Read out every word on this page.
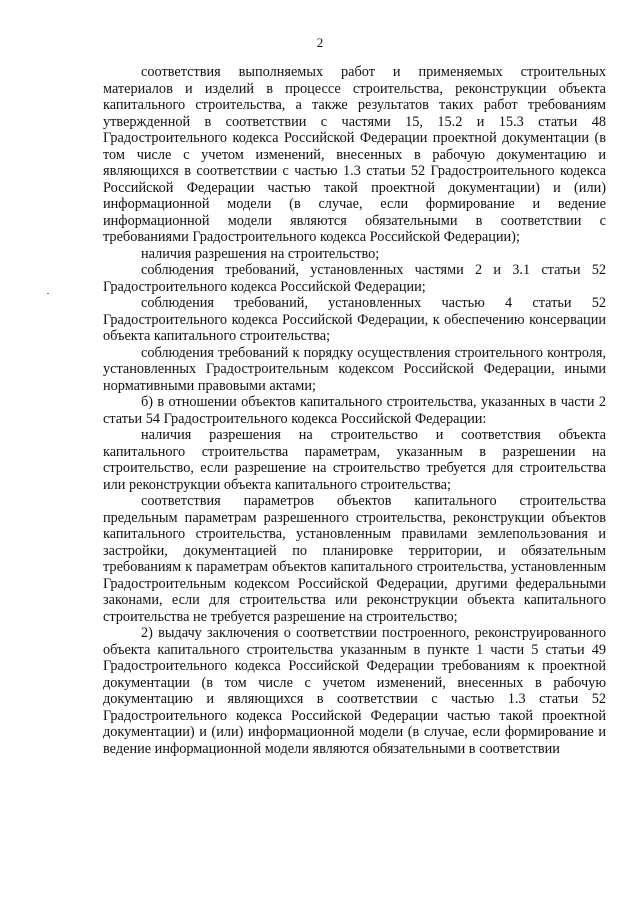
2

соответствия выполняемых работ и применяемых строительных материалов и изделий в процессе строительства, реконструкции объекта капитального строительства, а также результатов таких работ требованиям утвержденной в соответствии с частями 15, 15.2 и 15.3 статьи 48 Градостроительного кодекса Российской Федерации проектной документации (в том числе с учетом изменений, внесенных в рабочую документацию и являющихся в соответствии с частью 1.3 статьи 52 Градостроительного кодекса Российской Федерации частью такой проектной документации) и (или) информационной модели (в случае, если формирование и ведение информационной модели являются обязательными в соответствии с требованиями Градостроительного кодекса Российской Федерации);

наличия разрешения на строительство;

соблюдения требований, установленных частями 2 и 3.1 статьи 52 Градостроительного кодекса Российской Федерации;

соблюдения требований, установленных частью 4 статьи 52 Градостроительного кодекса Российской Федерации, к обеспечению консервации объекта капитального строительства;

соблюдения требований к порядку осуществления строительного контроля, установленных Градостроительным кодексом Российской Федерации, иными нормативными правовыми актами;

б) в отношении объектов капитального строительства, указанных в части 2 статьи 54 Градостроительного кодекса Российской Федерации:

наличия разрешения на строительство и соответствия объекта капитального строительства параметрам, указанным в разрешении на строительство, если разрешение на строительство требуется для строительства или реконструкции объекта капитального строительства;

соответствия параметров объектов капитального строительства предельным параметрам разрешенного строительства, реконструкции объектов капитального строительства, установленным правилами землепользования и застройки, документацией по планировке территории, и обязательным требованиям к параметрам объектов капитального строительства, установленным Градостроительным кодексом Российской Федерации, другими федеральными законами, если для строительства или реконструкции объекта капитального строительства не требуется разрешение на строительство;

2) выдачу заключения о соответствии построенного, реконструированного объекта капитального строительства указанным в пункте 1 части 5 статьи 49 Градостроительного кодекса Российской Федерации требованиям к проектной документации (в том числе с учетом изменений, внесенных в рабочую документацию и являющихся в соответствии с частью 1.3 статьи 52 Градостроительного кодекса Российской Федерации частью такой проектной документации) и (или) информационной модели (в случае, если формирование и ведение информационной модели являются обязательными в соответствии
